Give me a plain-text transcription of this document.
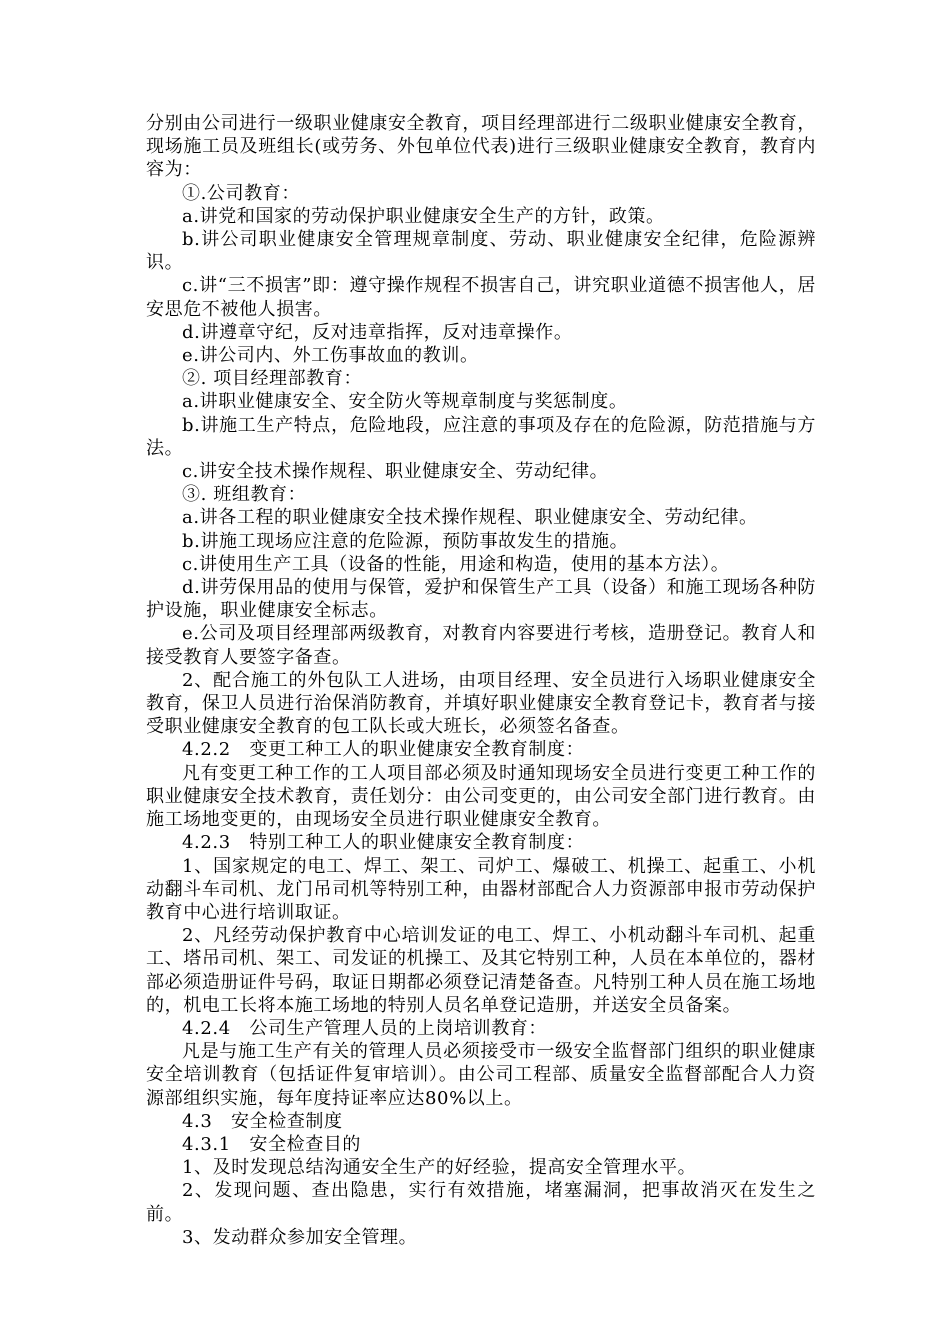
分别由公司进行一级职业健康安全教育，项目经理部进行二级职业健康安全教育，现场施工员及班组长(或劳务、外包单位代表)进行三级职业健康安全教育，教育内容为：

①.公司教育：

a.讲党和国家的劳动保护职业健康安全生产的方针，政策。

b.讲公司职业健康安全管理规章制度、劳动、职业健康安全纪律，危险源辨识。

c.讲“三不损害”即：遵守操作规程不损害自己，讲究职业道德不损害他人，居安思危不被他人损害。

d.讲遵章守纪，反对违章指挥，反对违章操作。

e.讲公司内、外工伤事故血的教训。

②. 项目经理部教育：

a.讲职业健康安全、安全防火等规章制度与奖惩制度。

b.讲施工生产特点，危险地段，应注意的事项及存在的危险源，防范措施与方法。

c.讲安全技术操作规程、职业健康安全、劳动纪律。

③. 班组教育：

a.讲各工程的职业健康安全技术操作规程、职业健康安全、劳动纪律。

b.讲施工现场应注意的危险源，预防事故发生的措施。

c.讲使用生产工具（设备的性能，用途和构造，使用的基本方法）。

d.讲劳保用品的使用与保管，爱护和保管生产工具（设备）和施工现场各种防护设施，职业健康安全标志。

e.公司及项目经理部两级教育，对教育内容要进行考核，造册登记。教育人和接受教育人要签字备查。

2、配合施工的外包队工人进场，由项目经理、安全员进行入场职业健康安全教育，保卫人员进行治保消防教育，并填好职业健康安全教育登记卡，教育者与接受职业健康安全教育的包工队长或大班长，必须签名备查。

4.2.2　变更工种工人的职业健康安全教育制度：

凡有变更工种工作的工人项目部必须及时通知现场安全员进行变更工种工作的职业健康安全技术教育，责任划分：由公司变更的，由公司安全部门进行教育。由施工场地变更的，由现场安全员进行职业健康安全教育。

4.2.3　特别工种工人的职业健康安全教育制度：

1、国家规定的电工、焊工、架工、司炉工、爆破工、机操工、起重工、小机动翻斗车司机、龙门吊司机等特别工种，由器材部配合人力资源部申报市劳动保护教育中心进行培训取证。

2、凡经劳动保护教育中心培训发证的电工、焊工、小机动翻斗车司机、起重工、塔吊司机、架工、司发证的机操工、及其它特别工种，人员在本单位的，器材部必须造册证件号码，取证日期都必须登记清楚备查。凡特别工种人员在施工场地的，机电工长将本施工场地的特别人员名单登记造册，并送安全员备案。

4.2.4　公司生产管理人员的上岗培训教育：

凡是与施工生产有关的管理人员必须接受市一级安全监督部门组织的职业健康安全培训教育（包括证件复审培训）。由公司工程部、质量安全监督部配合人力资源部组织实施，每年度持证率应达80%以上。

4.3　安全检查制度

4.3.1　安全检查目的

1、及时发现总结沟通安全生产的好经验，提高安全管理水平。

2、发现问题、查出隐患，实行有效措施，堵塞漏洞，把事故消灭在发生之前。

3、发动群众参加安全管理。
